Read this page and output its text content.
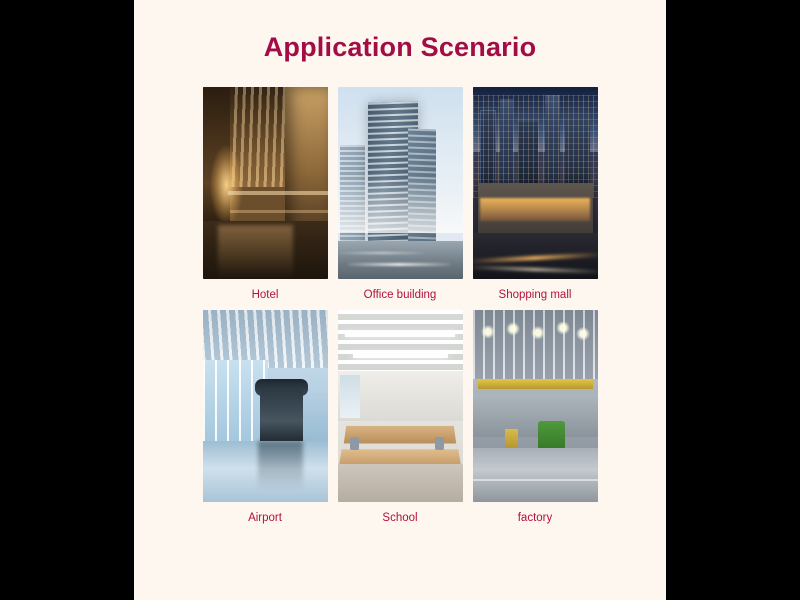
Application Scenario
Hotel	Office building	Shopping mall
Airport	School	factory
